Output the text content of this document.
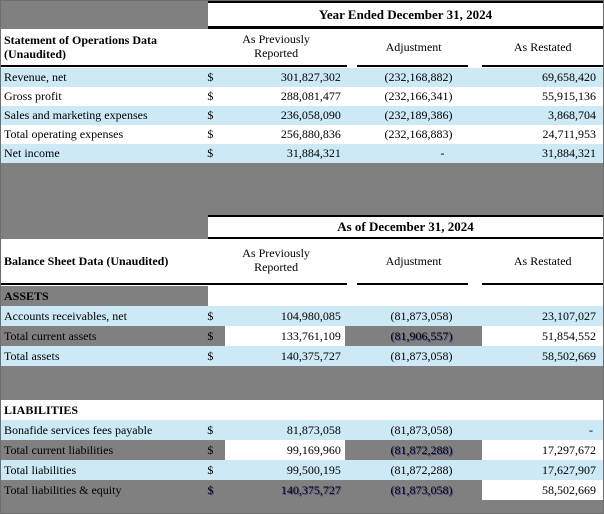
Year Ended December 31, 2024
Statement of Operations Data (Unaudited)
As Previously Reported	Adjustment	As Restated
Revenue, net	$	301,827,302	(232,168,882)	69,658,420
Gross profit	$	288,081,477	(232,166,341)	55,915,136
Sales and marketing expenses	$	236,058,090	(232,189,386)	3,868,704
Total operating expenses	$	256,880,836	(232,168,883)	24,711,953
Net income	$	31,884,321	-	31,884,321
As of December 31, 2024
Balance Sheet Data (Unaudited)
As Previously Reported	Adjustment	As Restated
ASSETS
Accounts receivables, net	$	104,980,085	(81,873,058)	23,107,027
Total current assets	$	133,761,109	(81,906,557)	51,854,552
Total assets	$	140,375,727	(81,873,058)	58,502,669
LIABILITIES
Bonafide services fees payable	$	81,873,058	(81,873,058)	-
Total current liabilities	$	99,169,960	(81,872,288)	17,297,672
Total liabilities	$	99,500,195	(81,872,288)	17,627,907
Total liabilities & equity	$	140,375,727	(81,873,058)	58,502,669
